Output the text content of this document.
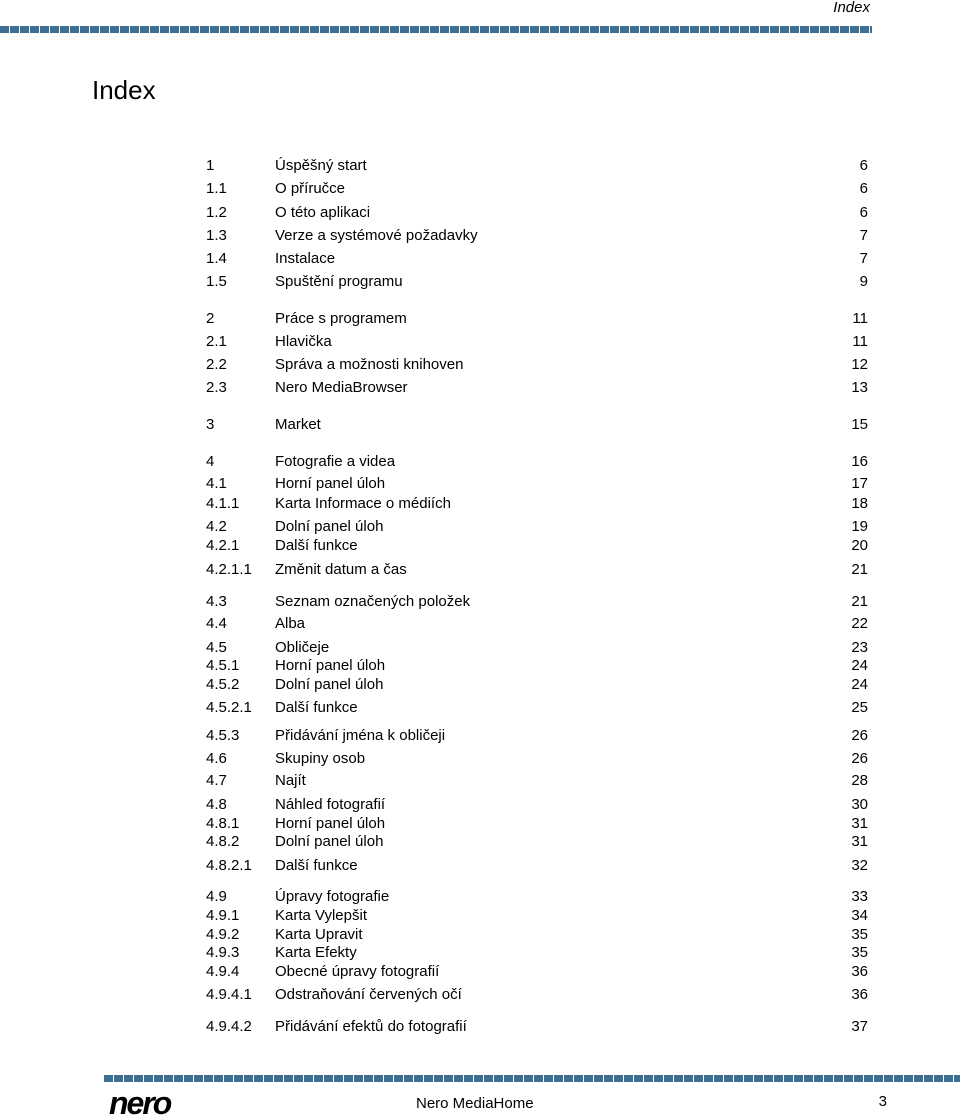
Index
Index
1	Úspěšný start	6
1.1	O příručce	6
1.2	O této aplikaci	6
1.3	Verze a systémové požadavky	7
1.4	Instalace	7
1.5	Spuštění programu	9
2	Práce s programem	11
2.1	Hlavička	11
2.2	Správa a možnosti knihoven	12
2.3	Nero MediaBrowser	13
3	Market	15
4	Fotografie a videa	16
4.1	Horní panel úloh	17
4.1.1 Karta Informace o médiích	18
4.2	Dolní panel úloh	19
4.2.1 Další funkce	20
4.2.1.1 Změnit datum a čas	21
4.3	Seznam označených položek	21
4.4	Alba	22
4.5	Obličeje	23
4.5.1 Horní panel úloh	24
4.5.2 Dolní panel úloh	24
4.5.2.1 Další funkce	25
4.5.3 Přidávání jména k obličeji	26
4.6	Skupiny osob	26
4.7	Najít	28
4.8	Náhled fotografií	30
4.8.1 Horní panel úloh	31
4.8.2 Dolní panel úloh	31
4.8.2.1 Další funkce	32
4.9	Úpravy fotografie	33
4.9.1 Karta Vylepšit	34
4.9.2 Karta Upravit	35
4.9.3 Karta Efekty	35
4.9.4 Obecné úpravy fotografií	36
4.9.4.1 Odstraňování červených očí	36
4.9.4.2 Přidávání efektů do fotografií	37
nero	Nero MediaHome	3
